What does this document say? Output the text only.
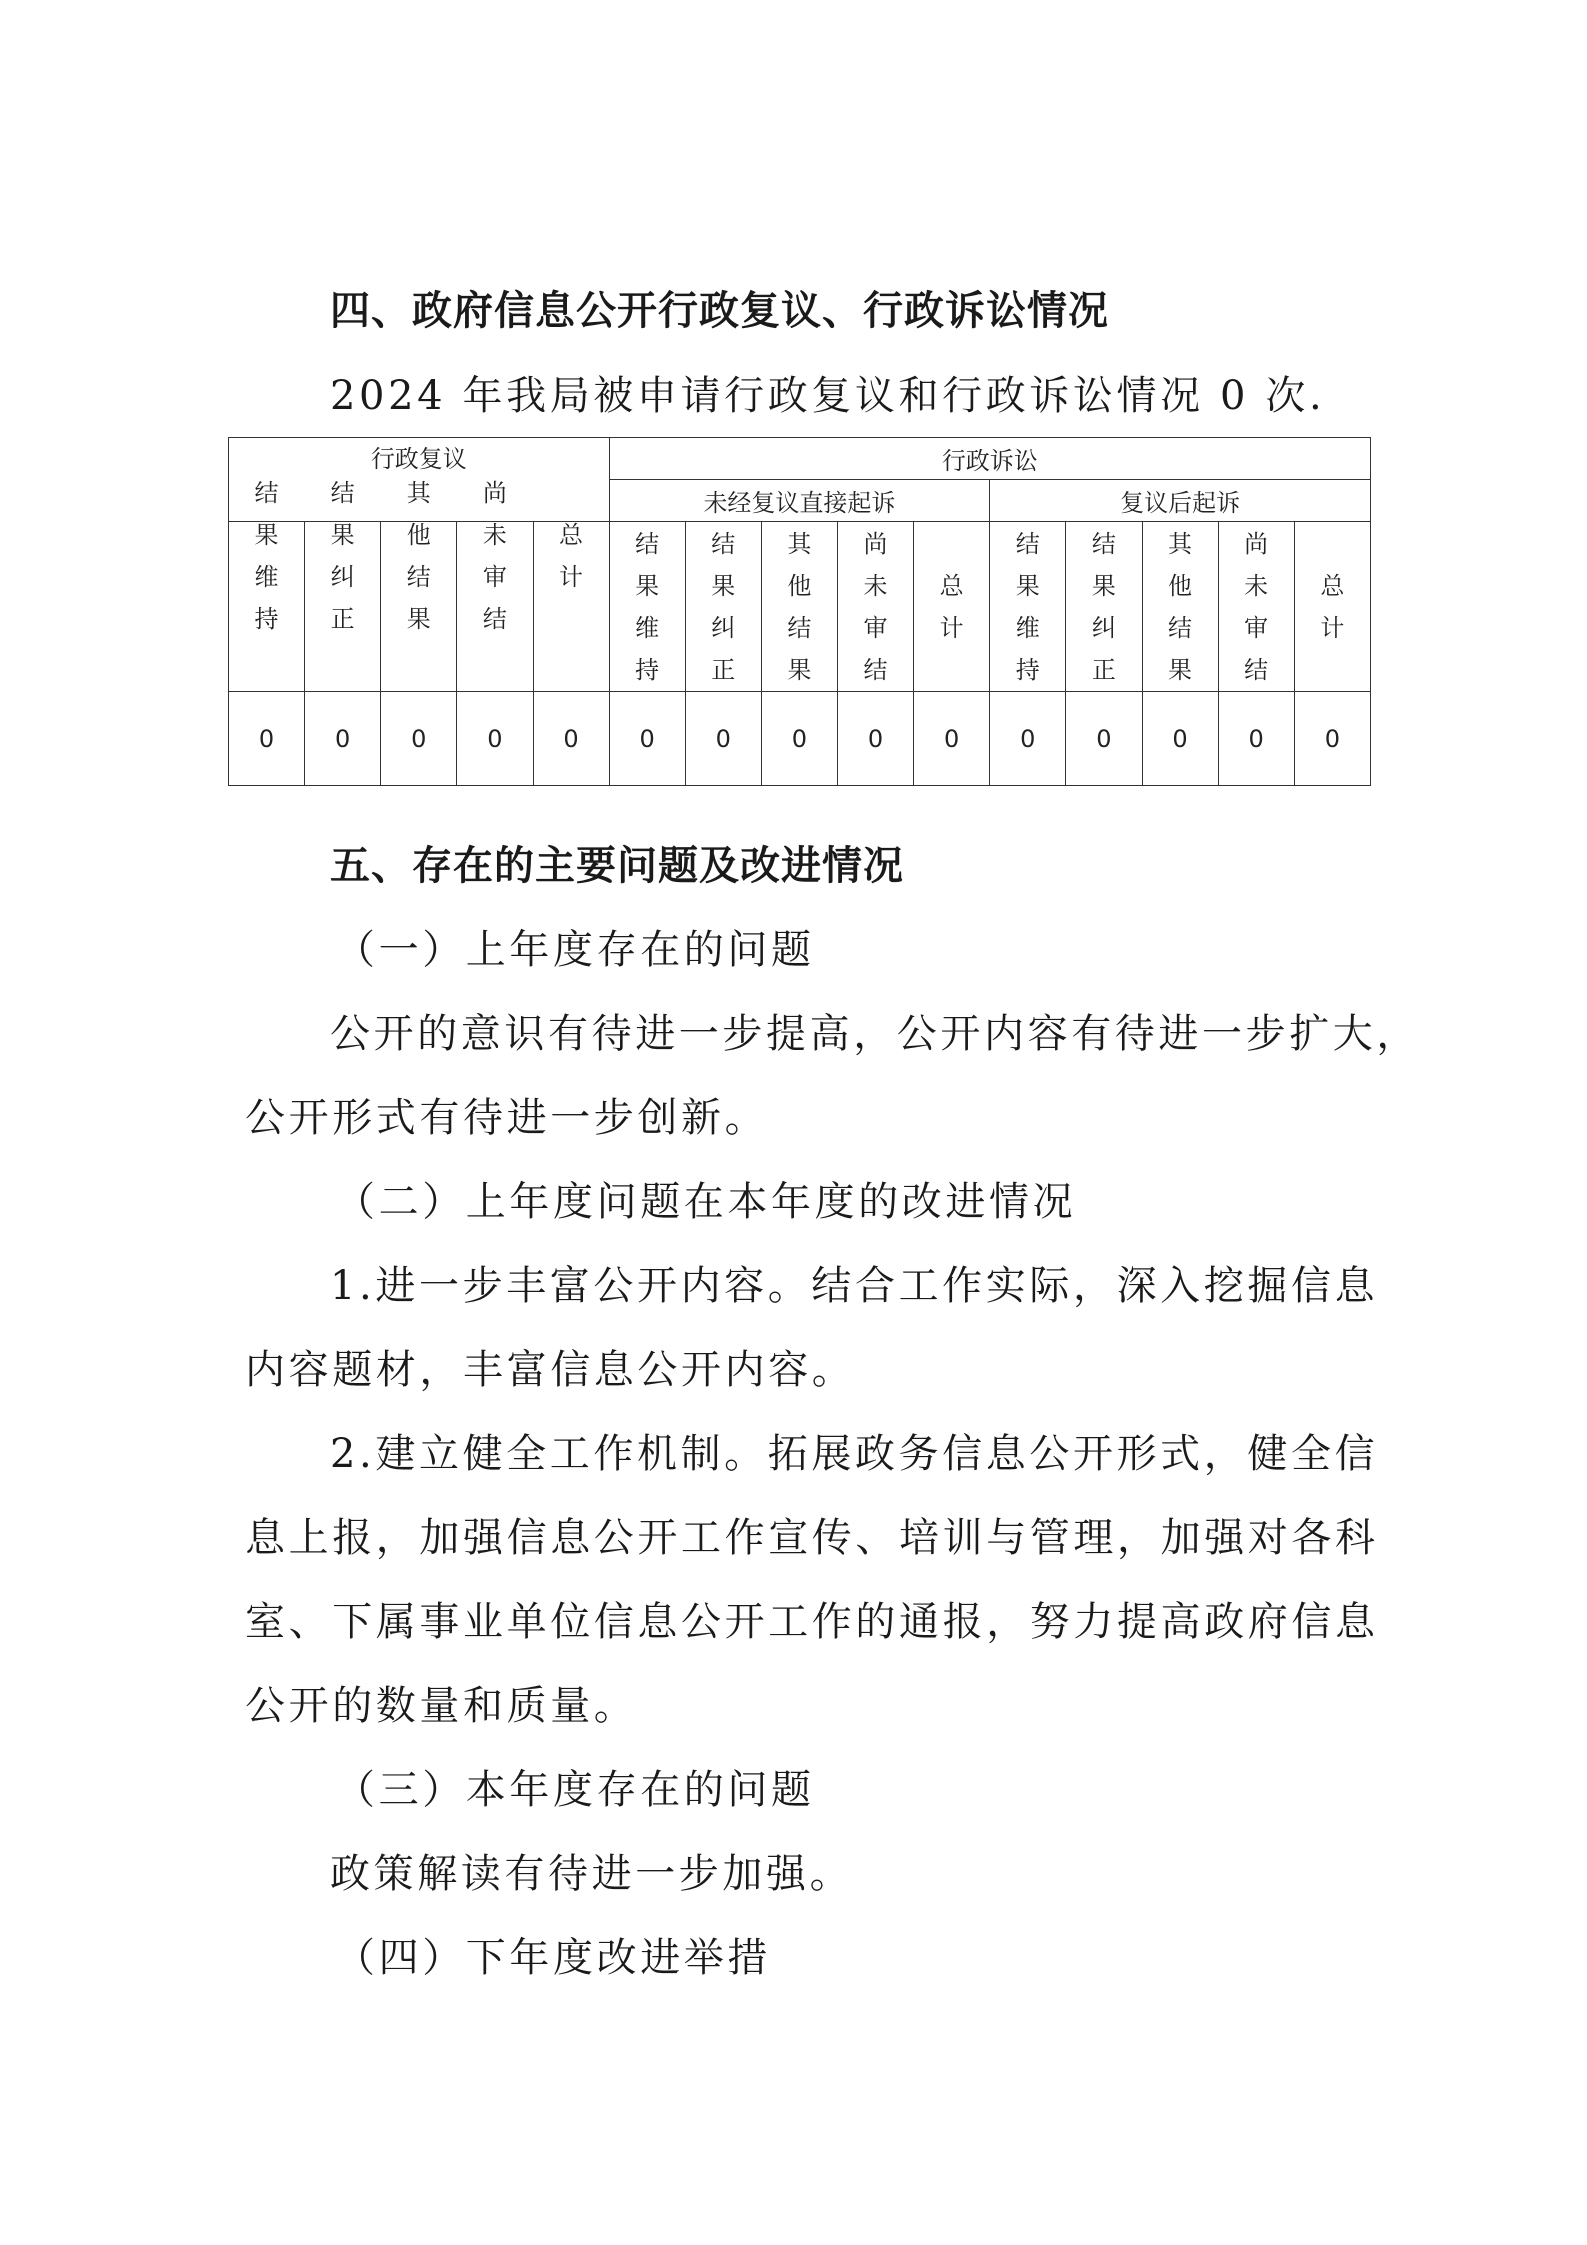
四、政府信息公开行政复议、行政诉讼情况
2024 年我局被申请行政复议和行政诉讼情况 0 次.
行政复议					行政诉讼									
					未经复议直接起诉					复议后起诉				

结果维持	结果纠正	其他结果	尚未审结	总计	结果维持	结果纠正	其他结果	尚未审结	总计	结果维持	结果纠正	其他结果	尚未审结	总计

0	0	0	0	0	0	0	0	0	0	0	0	0	0	0
五、存在的主要问题及改进情况
（一）上年度存在的问题
公开的意识有待进一步提高，公开内容有待进一步扩大，
公开形式有待进一步创新。
（二）上年度问题在本年度的改进情况
1.进一步丰富公开内容。结合工作实际，深入挖掘信息
内容题材，丰富信息公开内容。
2.建立健全工作机制。拓展政务信息公开形式，健全信
息上报，加强信息公开工作宣传、培训与管理，加强对各科
室、下属事业单位信息公开工作的通报，努力提高政府信息
公开的数量和质量。
（三）本年度存在的问题
政策解读有待进一步加强。
（四）下年度改进举措
